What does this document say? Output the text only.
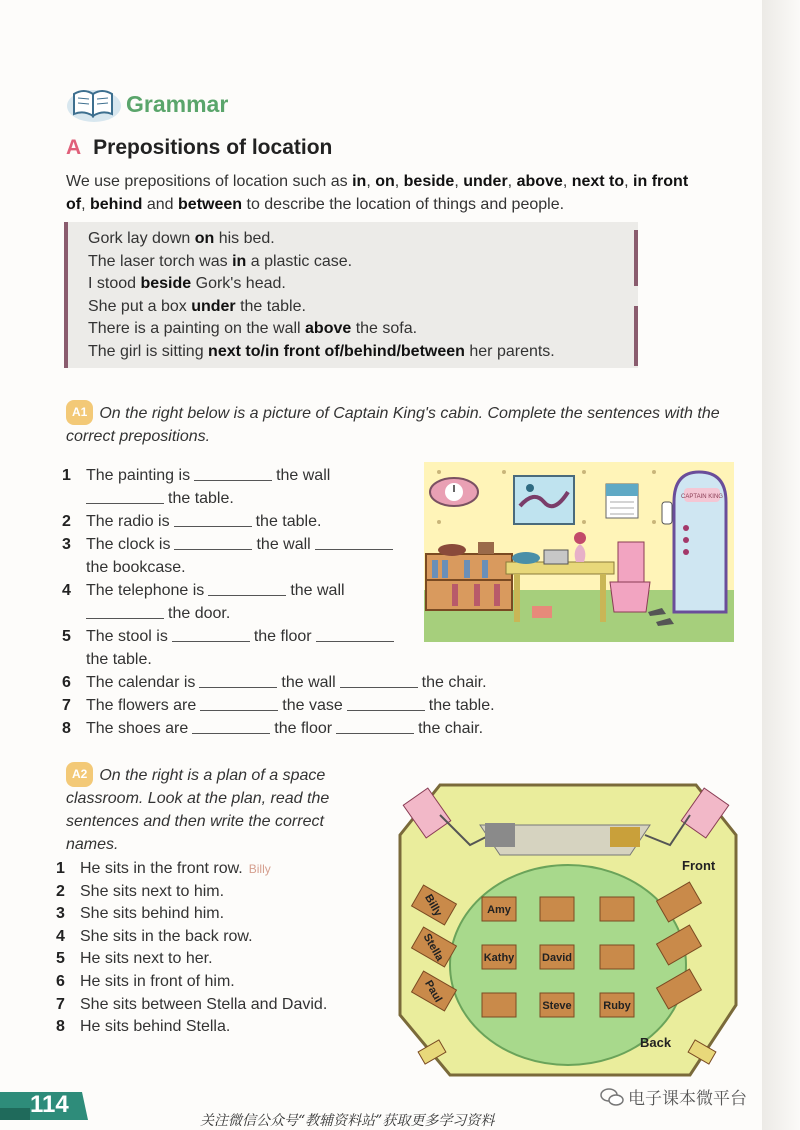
Grammar
A Prepositions of location
We use prepositions of location such as in, on, beside, under, above, next to, in front of, behind and between to describe the location of things and people.
Gork lay down on his bed.
The laser torch was in a plastic case.
I stood beside Gork's head.
She put a box under the table.
There is a painting on the wall above the sofa.
The girl is sitting next to/in front of/behind/between her parents.
A1 On the right below is a picture of Captain King's cabin. Complete the sentences with the correct prepositions.
1 The painting is	the wall
the table.
2 The radio is	the table.
3 The clock is	the wall
the bookcase.
4 The telephone is	the wall
the door.
5 The stool is	the floor
the table.
6 The calendar is	the wall	the chair.
7 The flowers are	the vase	the table.
8 The shoes are	the floor	the chair.
CAPTAIN KING
A2 On the right is a plan of a space classroom. Look at the plan, read the sentences and then write the correct names.
1 He sits in the front row. Billy
2 She sits next to him.
3 She sits behind him.
4 She sits in the back row.
5 He sits next to her.
6 He sits in front of him.
7 She sits between Stella and David.
8 He sits behind Stella.
Front
Back
Billy
Stella
Paul
Amy
Kathy	David
Steve	Ruby
114	电子课本微平台
关注微信公众号“教辅资料站”获取更多学习资料
